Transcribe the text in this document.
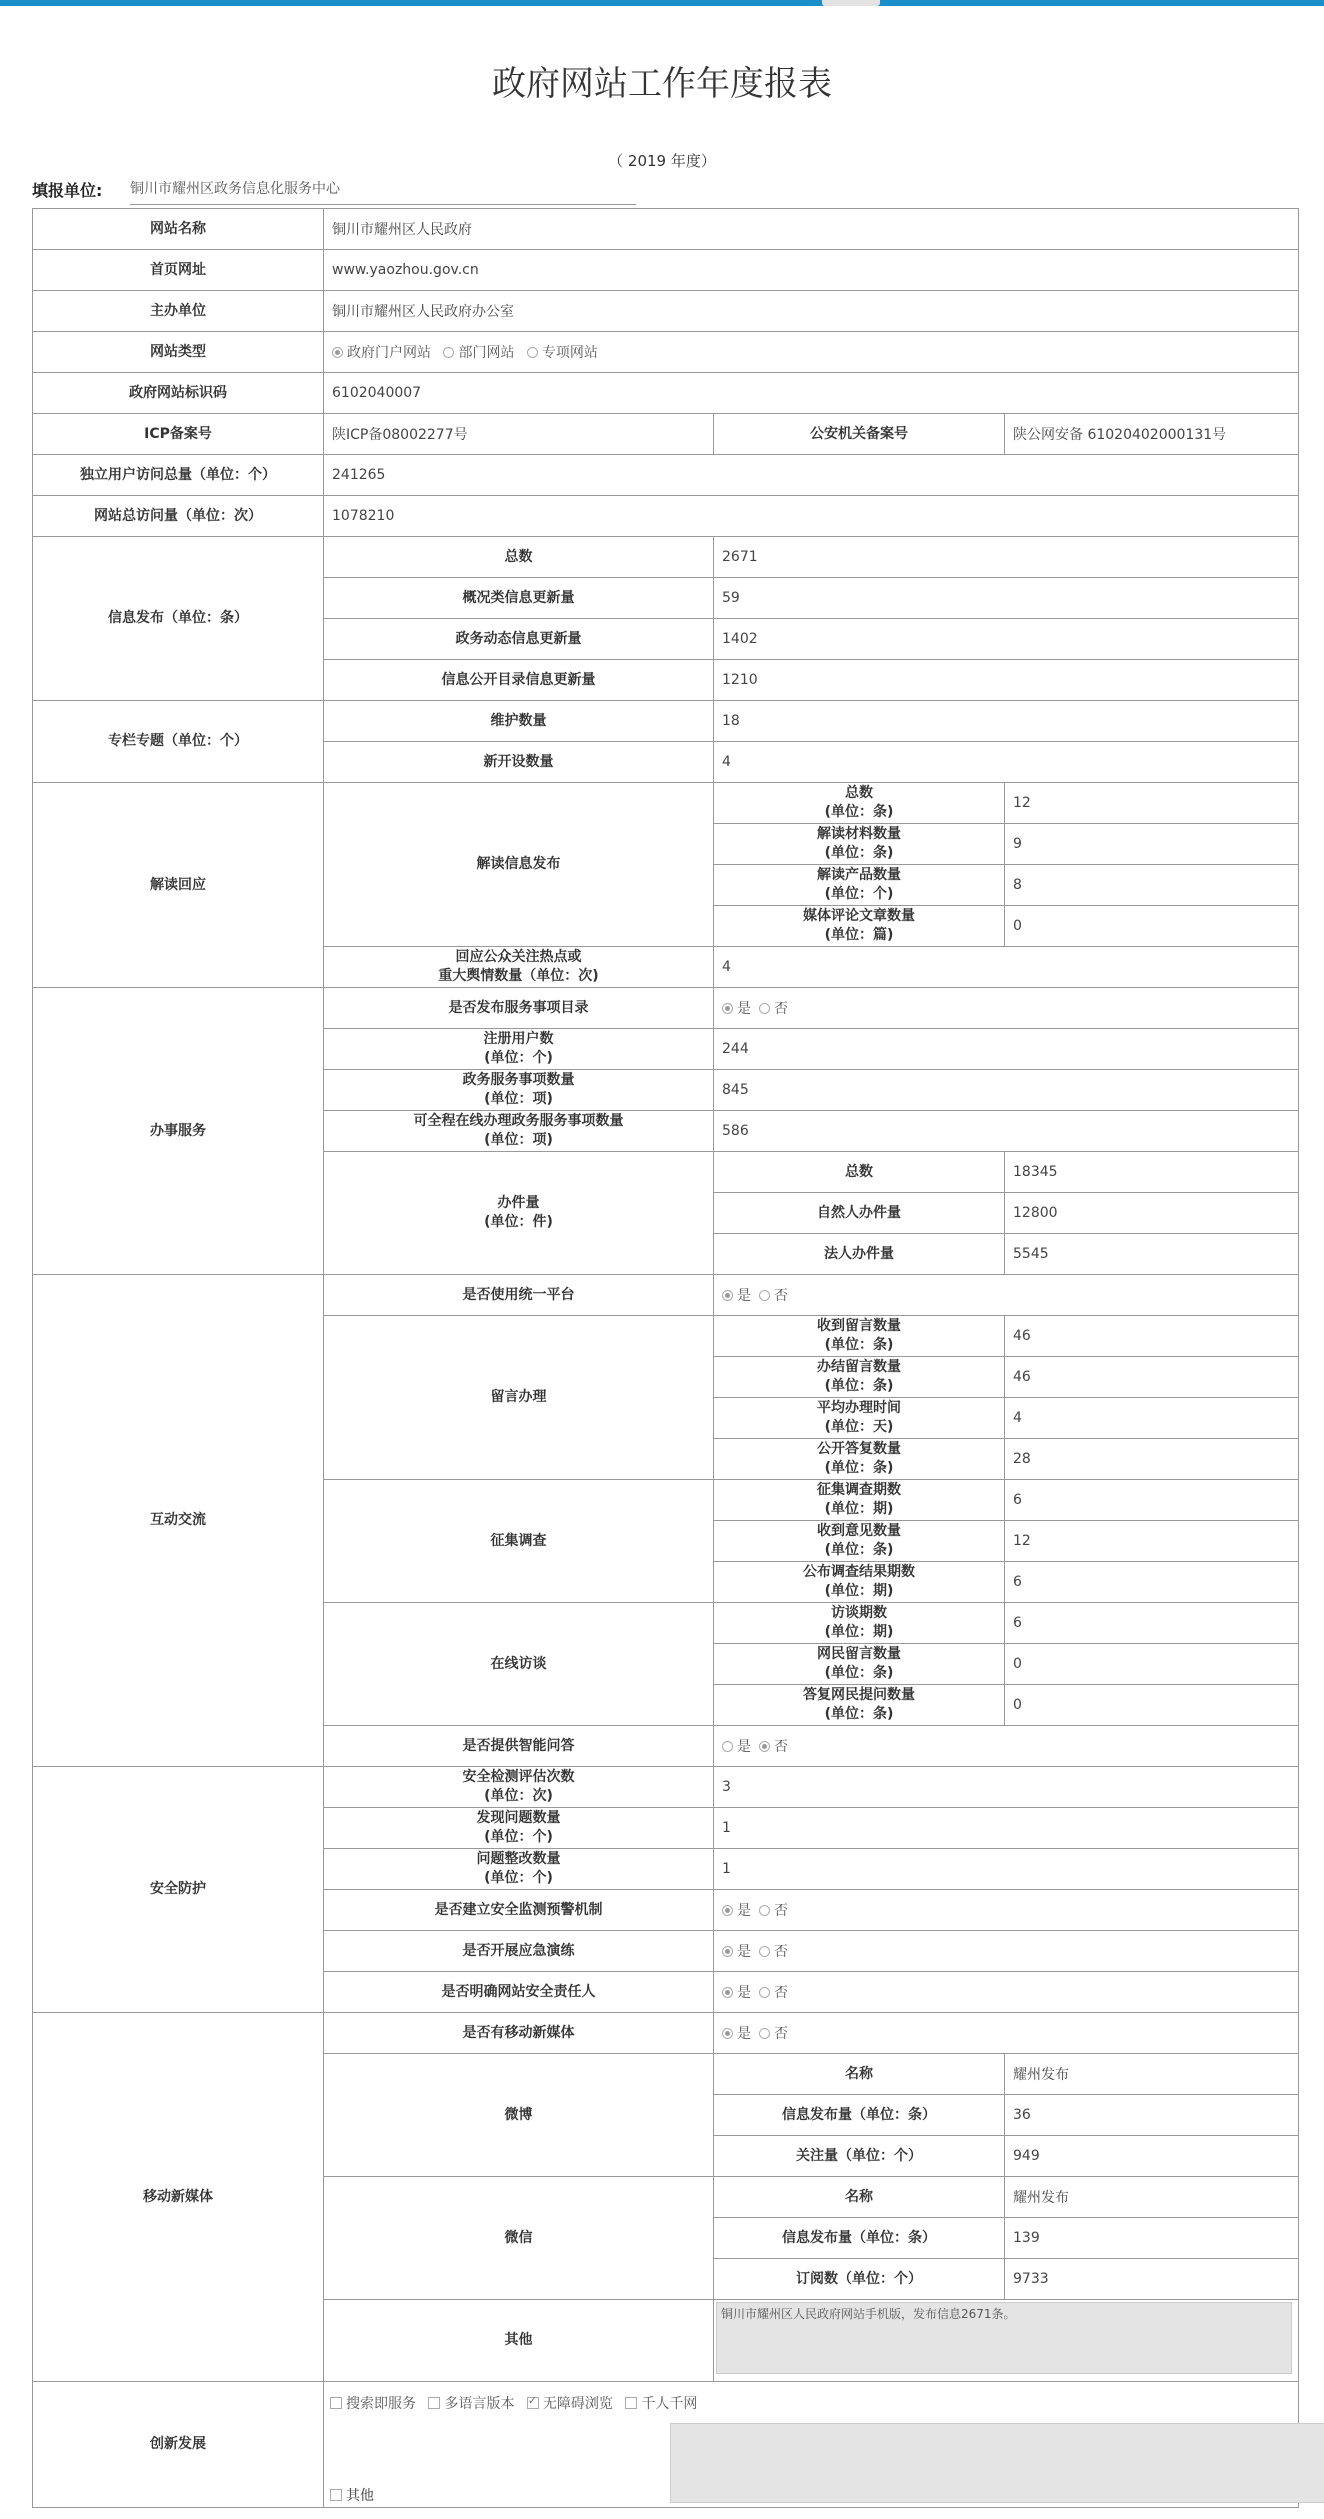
政府网站工作年度报表
（ 2019 年度）
填报单位: 铜川市耀州区政务信息化服务中心
网站名称	铜川市耀州区人民政府		
首页网址	www.yaozhou.gov.cn		
主办单位	铜川市耀州区人民政府办公室		
网站类型	政府门户网站 部门网站 专项网站		
政府网站标识码	6102040007		
ICP备案号	陕ICP备08002277号	公安机关备案号	陕公网安备 61020402000131号
独立用户访问总量（单位：个）	241265		
网站总访问量（单位：次）	1078210		
信息发布（单位：条）	总数	2671	
	概况类信息更新量	59	
	政务动态信息更新量	1402	
	信息公开目录信息更新量	1210	
专栏专题（单位：个）	维护数量	18	
	新开设数量	4	
解读回应	解读信息发布	总数
(单位：条)	12

		解读材料数量
(单位：条)	9

		解读产品数量
(单位：个)	8

		媒体评论文章数量
(单位：篇)	0

	回应公众关注热点或
重大舆情数量（单位：次)	4	
办事服务	是否发布服务事项目录	是 否	

	注册用户数
(单位：个)	244	

	政务服务事项数量
(单位：项)	845	

	可全程在线办理政务服务事项数量
(单位：项)	586	

	办件量
(单位：件)	总数	18345
		自然人办件量	12800
		法人办件量	5545
互动交流	是否使用统一平台	是 否	
	留言办理	收到留言数量
(单位：条)	46

		办结留言数量
(单位：条)	46

		平均办理时间
(单位：天)	4

		公开答复数量
(单位：条)	28
	征集调查	征集调查期数
(单位：期)	6

		收到意见数量
(单位：条)	12

		公布调查结果期数
(单位：期)	6
	在线访谈	访谈期数
(单位：期)	6

		网民留言数量
(单位：条)	0

		答复网民提问数量
(单位：条)	0
	是否提供智能问答	是 否	
安全防护	安全检测评估次数
(单位：次)	3	

	发现问题数量
(单位：个)	1	

	问题整改数量
(单位：个)	1	
	是否建立安全监测预警机制	是 否	
	是否开展应急演练	是 否	
	是否明确网站安全责任人	是 否	
移动新媒体	是否有移动新媒体	是 否	
	微博	名称	耀州发布
		信息发布量（单位：条）	36
		关注量（单位：个）	949
	微信	名称	耀州发布
		信息发布量（单位：条）	139
		订阅数（单位：个）	9733
	其他	铜川市耀州区人民政府网站手机版，发布信息2671条。	

创新发展	搜索即服务 多语言版本 ✓ 无障碍浏览 千人千网
其他
